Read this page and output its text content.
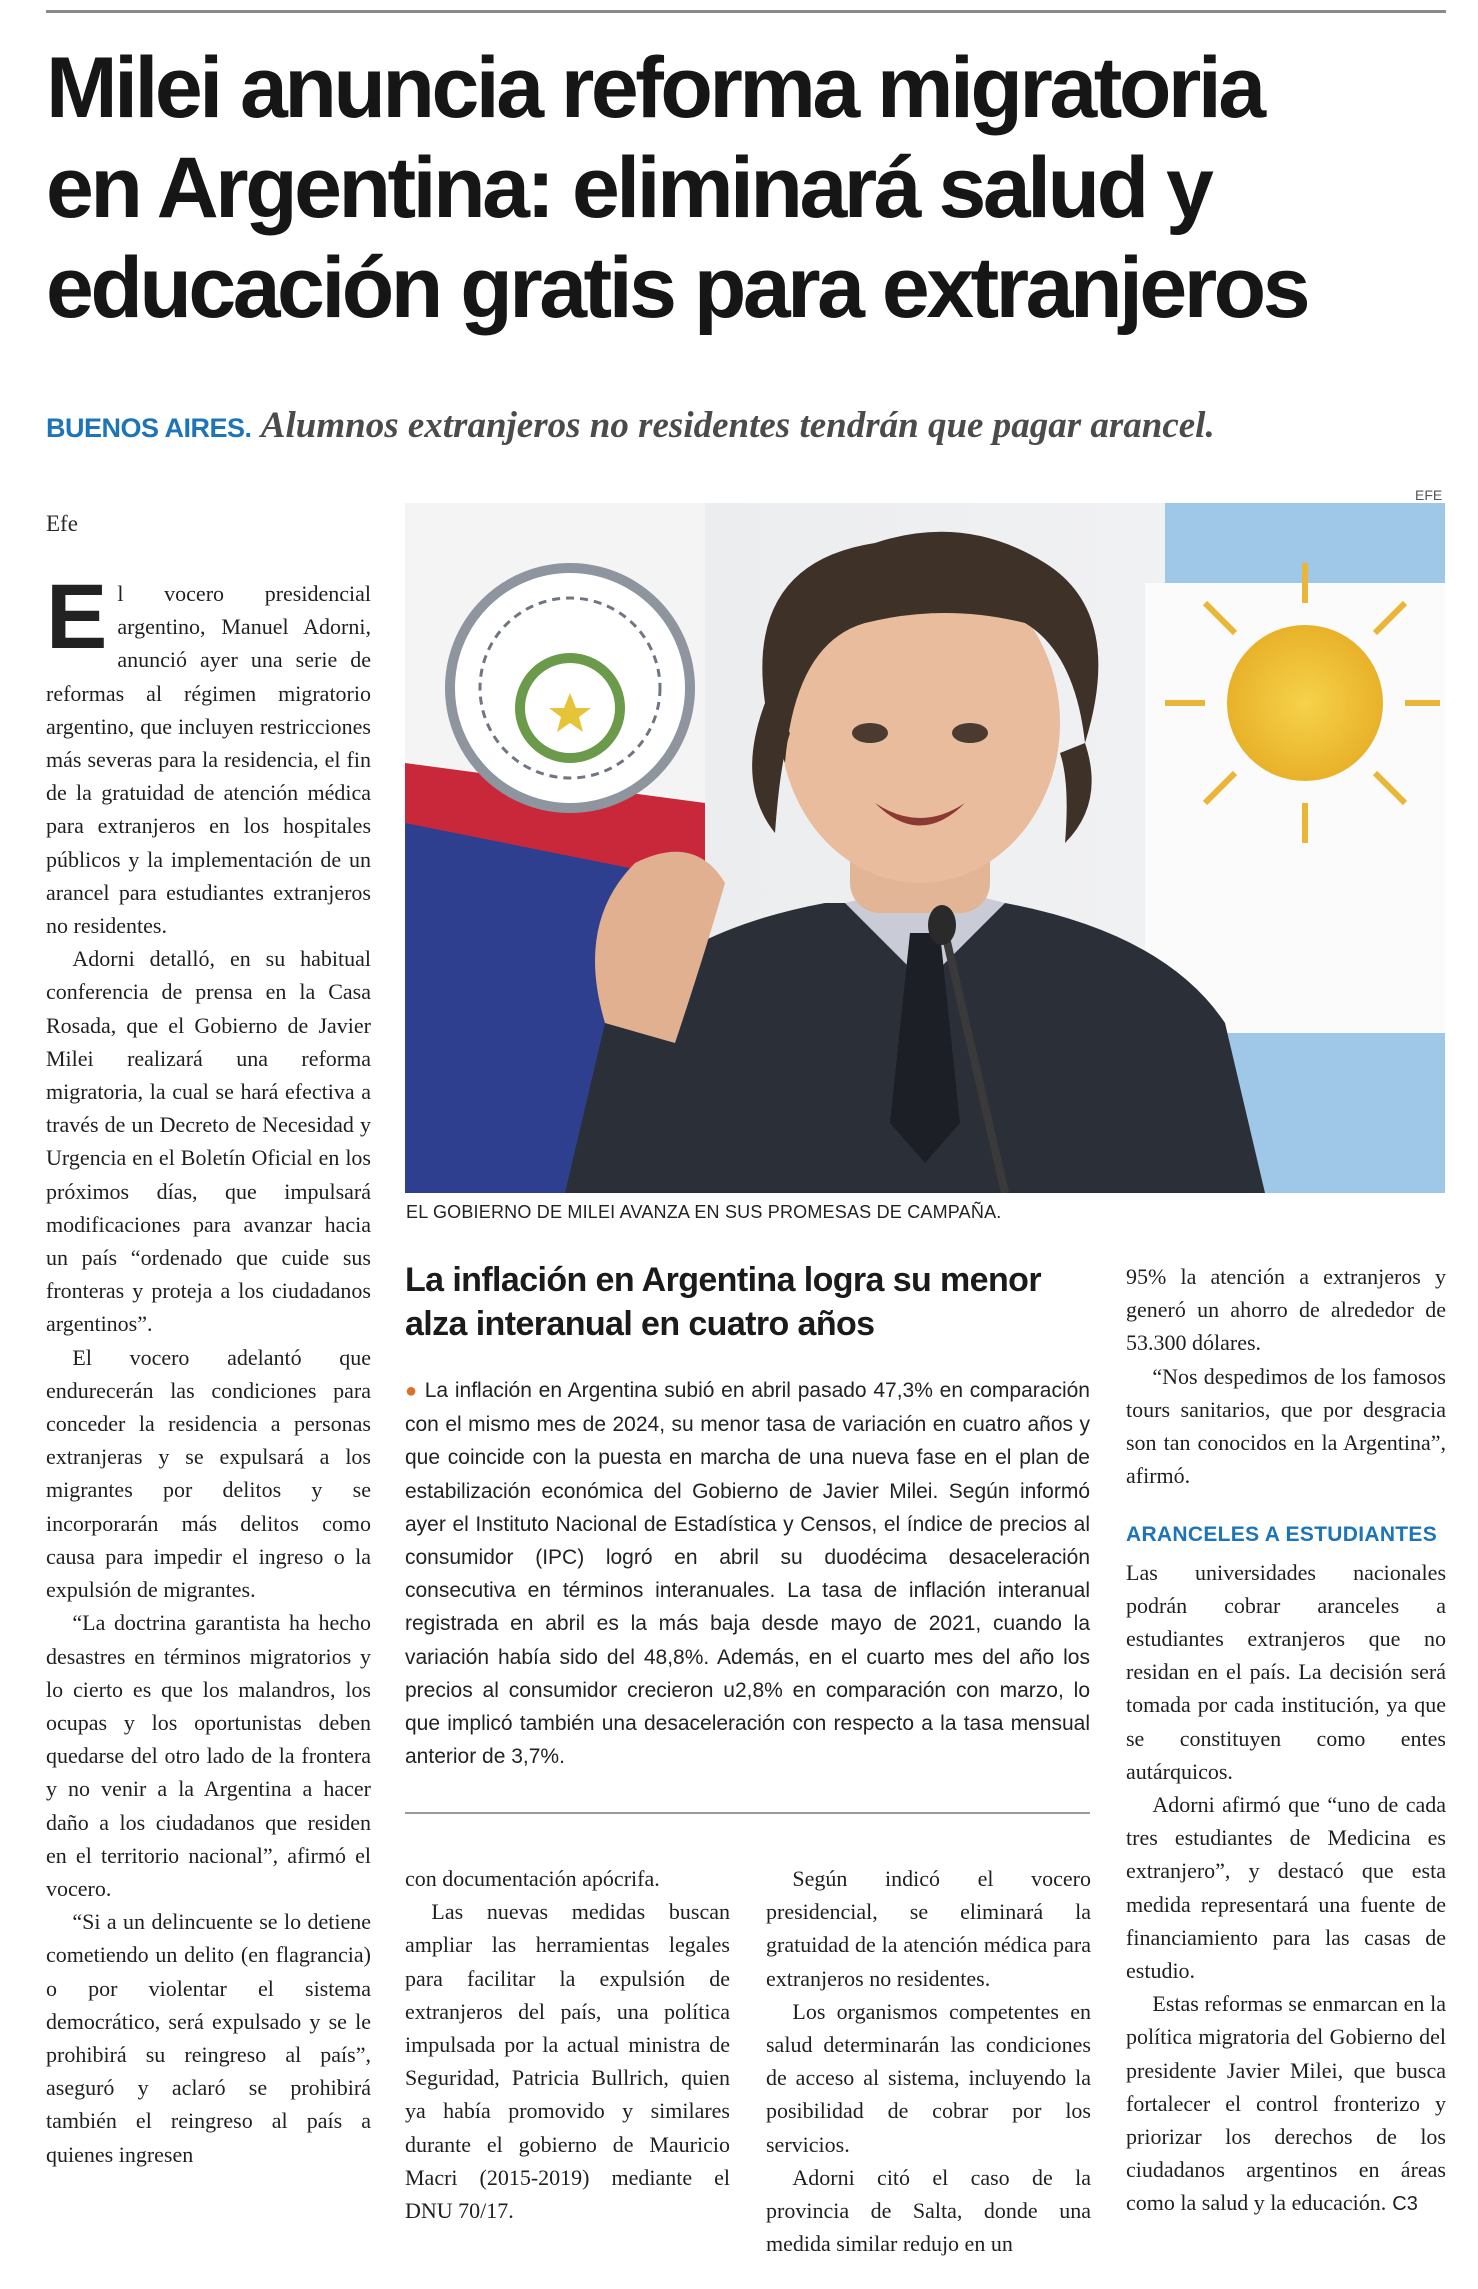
Milei anuncia reforma migratoria
en Argentina: eliminará salud y
educación gratis para extranjeros
BUENOS AIRES. Alumnos extranjeros no residentes tendrán que pagar arancel.
Efe
EFE
EL GOBIERNO DE MILEI AVANZA EN SUS PROMESAS DE CAMPAÑA.

El vocero presidencial argentino, Manuel Adorni, anunció ayer una serie de reformas al régimen migratorio argentino, que incluyen restricciones más severas para la residencia, el fin de la gratuidad de atención médica para extranjeros en los hospitales públicos y la implementación de un arancel para estudiantes extranjeros no residentes.

Adorni detalló, en su habitual conferencia de prensa en la Casa Rosada, que el Gobierno de Javier Milei realizará una reforma migratoria, la cual se hará efectiva a través de un Decreto de Necesidad y Urgencia en el Boletín Oficial en los próximos días, que impulsará modificaciones para avanzar hacia un país “ordenado que cuide sus fronteras y proteja a los ciudadanos argentinos”.

El vocero adelantó que endurecerán las condiciones para conceder la residencia a personas extranjeras y se expulsará a los migrantes por delitos y se incorporarán más delitos como causa para impedir el ingreso o la expulsión de migrantes.

“La doctrina garantista ha hecho desastres en términos migratorios y lo cierto es que los malandros, los ocupas y los oportunistas deben quedarse del otro lado de la frontera y no venir a la Argentina a hacer daño a los ciudadanos que residen en el territorio nacional”, afirmó el vocero.

“Si a un delincuente se lo detiene cometiendo un delito (en flagrancia) o por violentar el sistema democrático, será expulsado y se le prohibirá su reingreso al país”, aseguró y aclaró se prohibirá también el reingreso al país a quienes ingresen

La inflación en Argentina logra su menor alza interanual en cuatro años
● La inflación en Argentina subió en abril pasado 47,3% en comparación con el mismo mes de 2024, su menor tasa de variación en cuatro años y que coincide con la puesta en marcha de una nueva fase en el plan de estabilización económica del Gobierno de Javier Milei. Según informó ayer el Instituto Nacional de Estadística y Censos, el índice de precios al consumidor (IPC) logró en abril su duodécima desaceleración consecutiva en términos interanuales. La tasa de inflación interanual registrada en abril es la más baja desde mayo de 2021, cuando la variación había sido del 48,8%. Además, en el cuarto mes del año los precios al consumidor crecieron u2,8% en comparación con marzo, lo que implicó también una desaceleración con respecto a la tasa mensual anterior de 3,7%.

con documentación apócrifa.

Las nuevas medidas buscan ampliar las herramientas legales para facilitar la expulsión de extranjeros del país, una política impulsada por la actual ministra de Seguridad, Patricia Bullrich, quien ya había promovido y similares durante el gobierno de Mauricio Macri (2015-2019) mediante el DNU 70/17.

Según indicó el vocero presidencial, se eliminará la gratuidad de la atención médica para extranjeros no residentes.

Los organismos competentes en salud determinarán las condiciones de acceso al sistema, incluyendo la posibilidad de cobrar por los servicios.

Adorni citó el caso de la provincia de Salta, donde una medida similar redujo en un

95% la atención a extranjeros y generó un ahorro de alrededor de 53.300 dólares.

“Nos despedimos de los famosos tours sanitarios, que por desgracia son tan conocidos en la Argentina”, afirmó.

ARANCELES A ESTUDIANTES

Las universidades nacionales podrán cobrar aranceles a estudiantes extranjeros que no residan en el país. La decisión será tomada por cada institución, ya que se constituyen como entes autárquicos.

Adorni afirmó que “uno de cada tres estudiantes de Medicina es extranjero”, y destacó que esta medida representará una fuente de financiamiento para las casas de estudio.

Estas reformas se enmarcan en la política migratoria del Gobierno del presidente Javier Milei, que busca fortalecer el control fronterizo y priorizar los derechos de los ciudadanos argentinos en áreas como la salud y la educación. C3
